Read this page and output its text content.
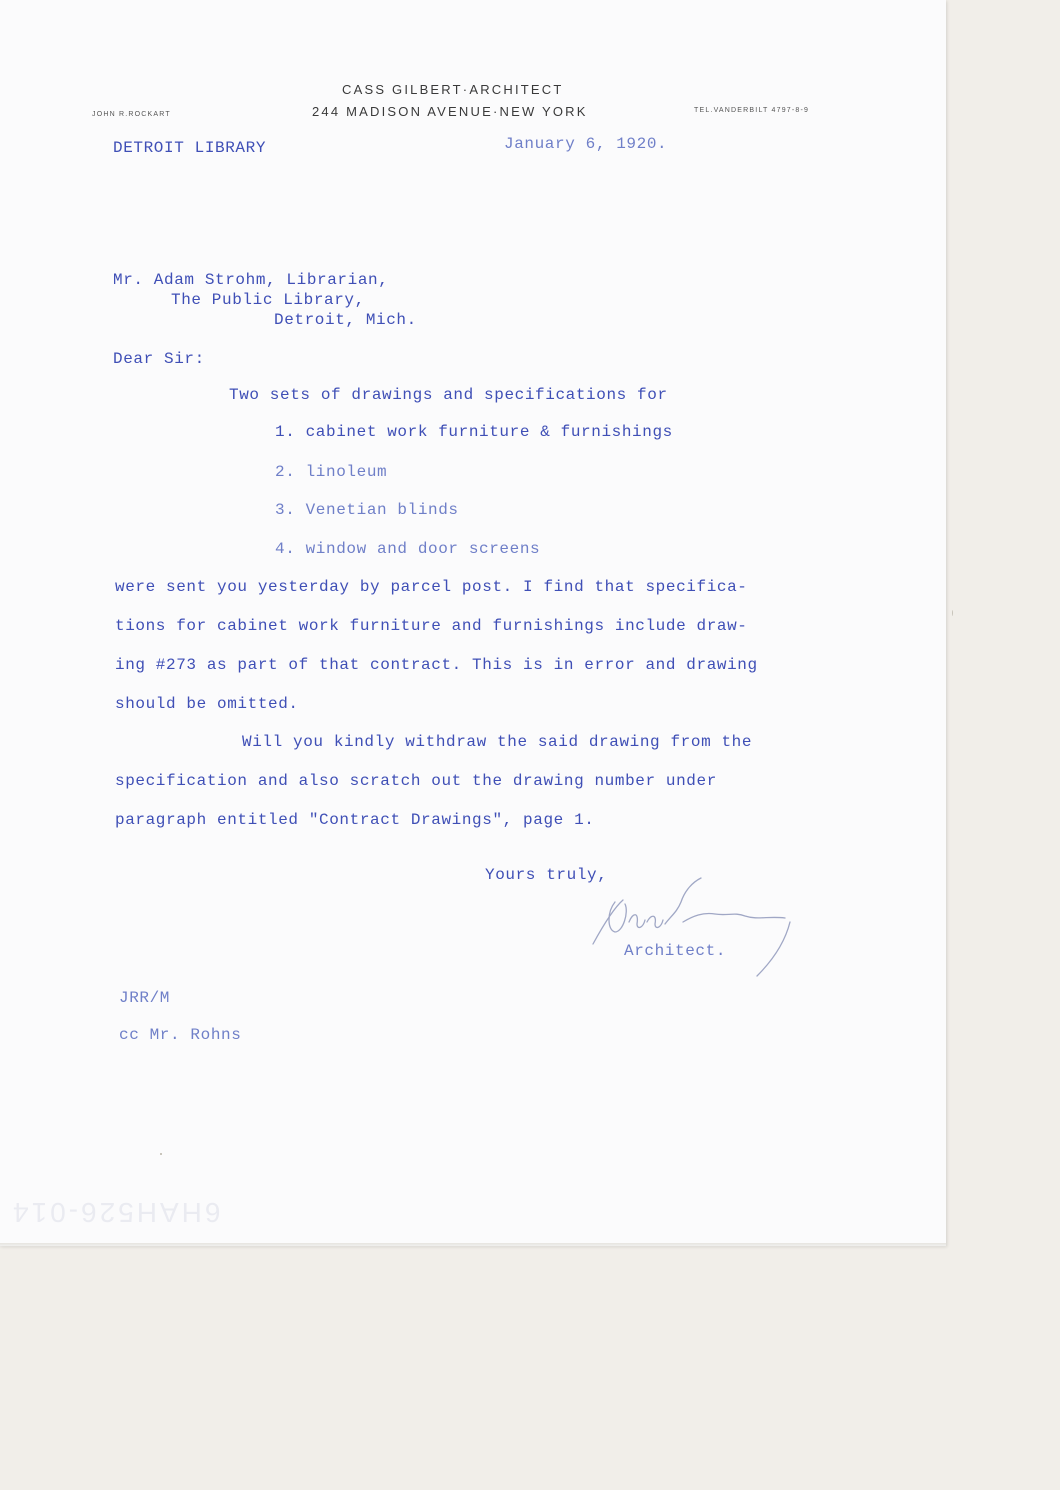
CASS GILBERT·ARCHITECT
244 MADISON AVENUE·NEW YORK
JOHN R.ROCKART
TEL.VANDERBILT 4797-8-9
DETROIT LIBRARY	January 6, 1920.
Mr. Adam Strohm, Librarian,
The Public Library,
Detroit, Mich.
Dear Sir:
Two sets of drawings and specifications for
1. cabinet work furniture & furnishings
2. linoleum
3. Venetian blinds
4. window and door screens
were sent you yesterday by parcel post. I find that specifica-
tions for cabinet work furniture and furnishings include draw-
ing #273 as part of that contract. This is in error and drawing
should be omitted.
Will you kindly withdraw the said drawing from the
specification and also scratch out the drawing number under
paragraph entitled "Contract Drawings", page 1.
Yours truly,
Architect.
JRR/M
cc Mr. Rohns
6HAH526-014
